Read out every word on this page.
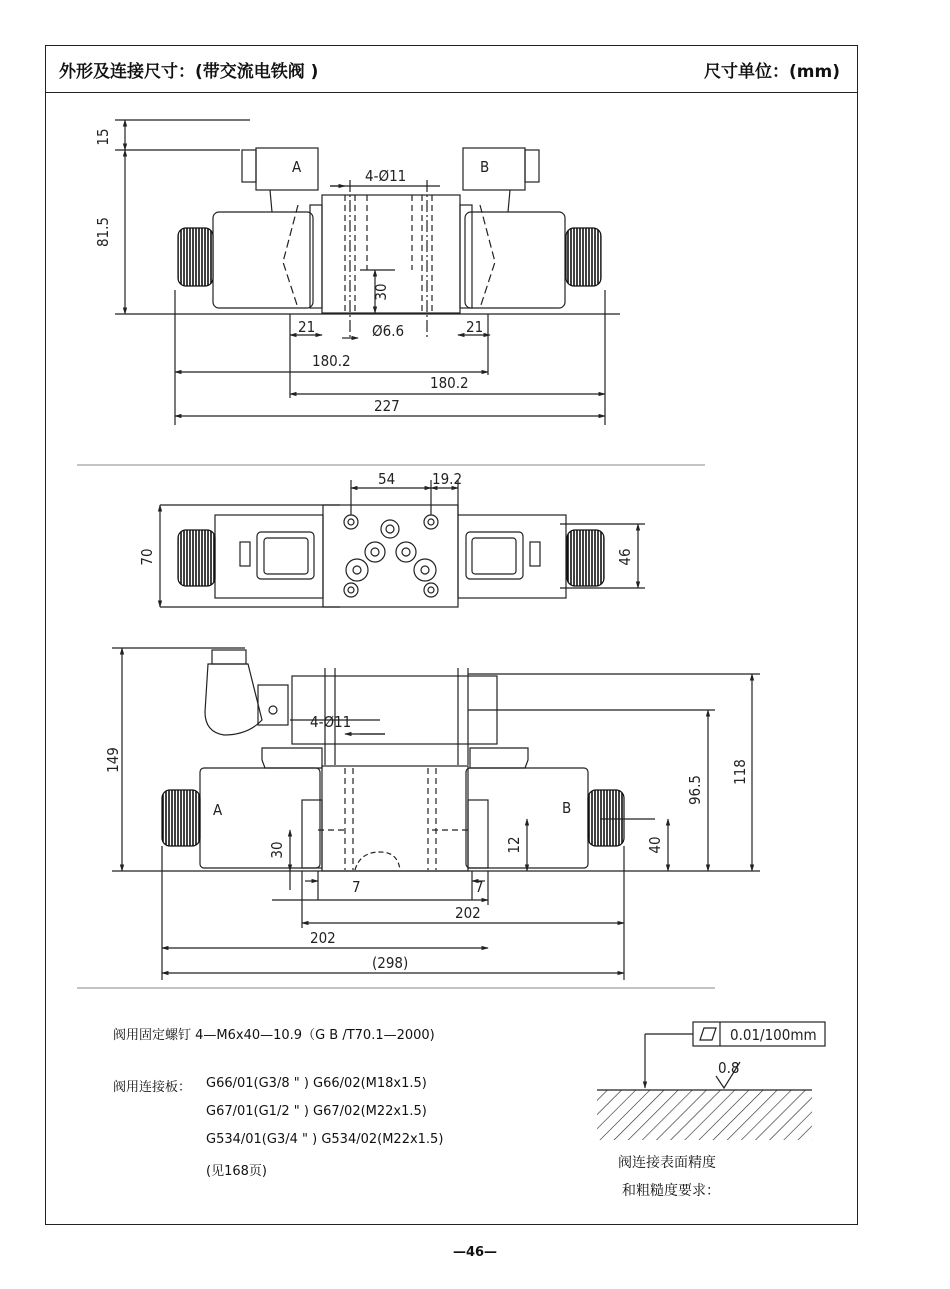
外形及连接尺寸：(带交流电铁阀 )	尺寸单位：(mm)
A	B
15
81.5
4-Ø11
30
21	21
Ø6.6
180.2
180.2
227
54 19.2
70	46
A	B
149
4-Ø11
96.5
118
30	12	40
7	7
202
202
(298)
0.01/100mm
0.8
阀用固定螺钉 4—M6x40—10.9（G B /T70.1—2000)
阀用连接板： G66/01(G3/8 " ) G66/02(M18x1.5)
G67/01(G1/2 " ) G67/02(M22x1.5)
G534/01(G3/4 " ) G534/02(M22x1.5)
(见168页)
阀连接表面精度
和粗糙度要求：
—46—
